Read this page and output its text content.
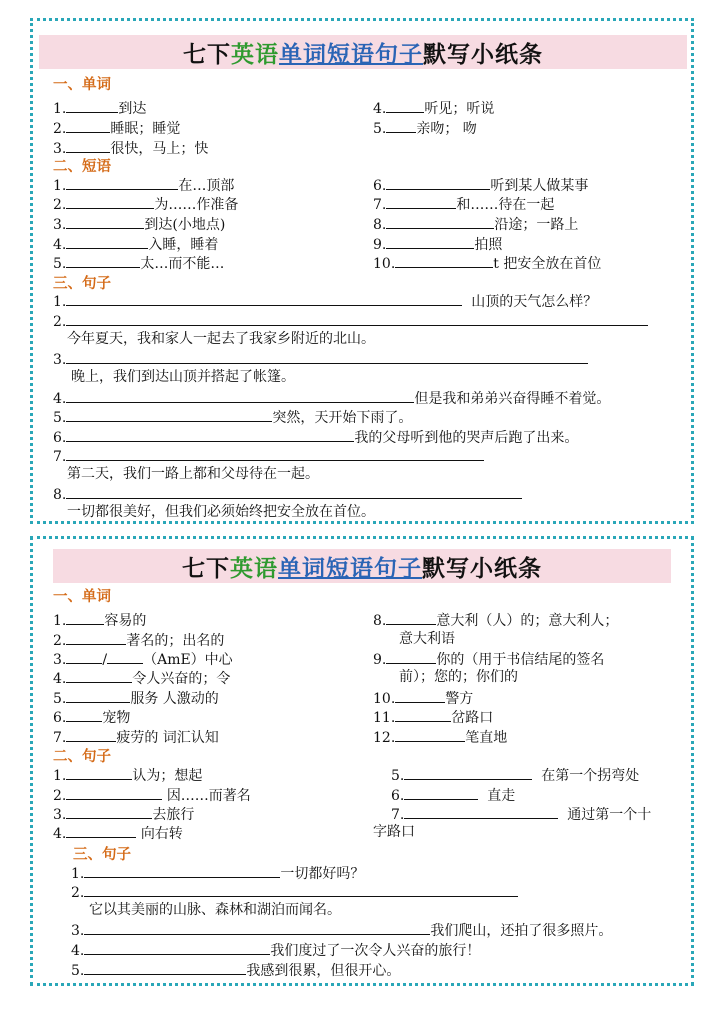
七下 英语 单词短语句子 默写小纸条
一、单词
1.	到达
2.	睡眠；睡觉
3.	很快，马上；快
4.	听见；听说
5. 亲吻； 吻
二、短语
1.	在…顶部
2.	为……作准备
3.	到达(小地点)
4.	入睡，睡着
5.	太…而不能…
6.	听到某人做某事
7.	和……待在一起
8.	沿途；一路上
9.	拍照
10.	t 把安全放在首位
三、句子
1.	山顶的天气怎么样？
2.
今年夏天，我和家人一起去了我家乡附近的北山。
3.
晚上，我们到达山顶并搭起了帐篷。
4.	但是我和弟弟兴奋得睡不着觉。
5.	突然，天开始下雨了。
6.	我的父母听到他的哭声后跑了出来。
7.
第二天，我们一路上都和父母待在一起。
8.
一切都很美好，但我们必须始终把安全放在首位。
七下 英语 单词短语句子 默写小纸条
一、单词
1.	容易的
2.	著名的；出名的
3.	/	（AmE）中心
4.	令人兴奋的；令
5.	服务 人激动的
6.	宠物
7.	疲劳的 词汇认知
8.	意大利（人）的；意大利人；
意大利语
9.	你的（用于书信结尾的签名
前）；您的；你们的
10.	警方
11.	岔路口
12.	笔直地
二、句子
1.	认为；想起
2.	因……而著名
3.	去旅行
4.	向右转
5.	在第一个拐弯处
6.	直走
7.	通过第一个十
字路口
三、句子
1.	一切都好吗？
2.
它以其美丽的山脉、森林和湖泊而闻名。
3.	我们爬山，还拍了很多照片。
4.	我们度过了一次令人兴奋的旅行！
5.	我感到很累，但很开心。
